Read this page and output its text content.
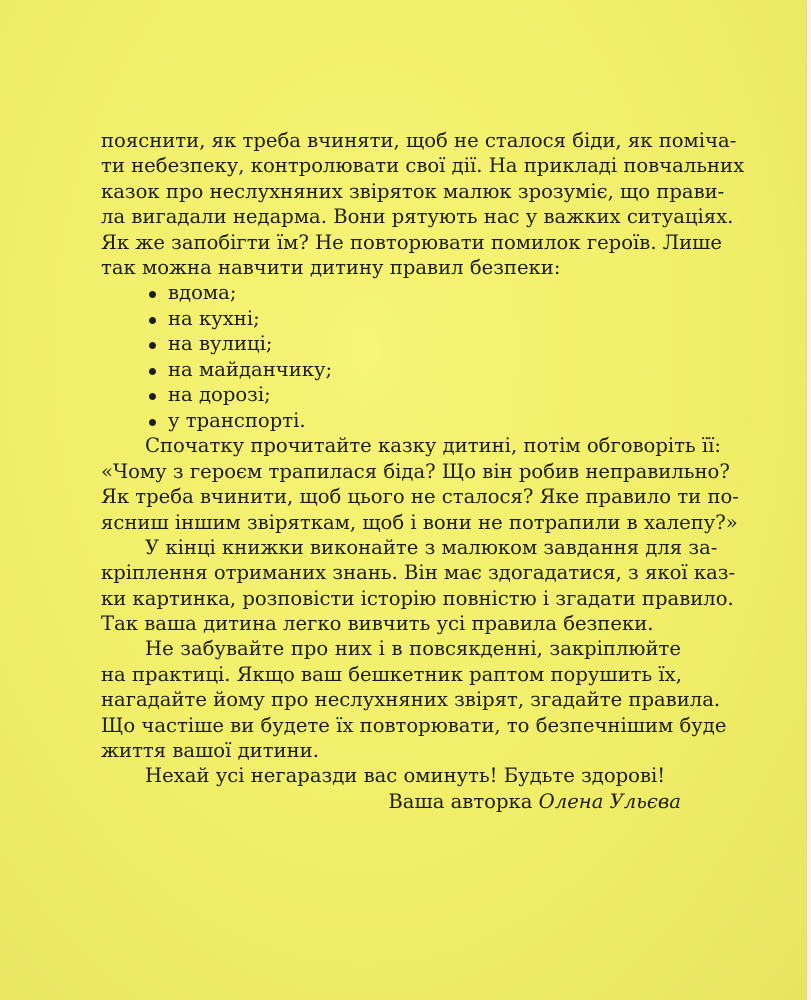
пояснити, як треба вчиняти, щоб не сталося біди, як поміча-
ти небезпеку, контролювати свої дії. На прикладі повчальних
казок про неслухняних звіряток малюк зрозуміє, що прави-
ла вигадали недарма. Вони рятують нас у важких ситуаціях.
Як же запобігти їм? Не повторювати помилок героїв. Лише
так можна навчити дитину правил безпеки:
вдома;
на кухні;
на вулиці;
на майданчику;
на дорозі;
у транспорті.
Спочатку прочитайте казку дитині, потім обговоріть її:
«Чому з героєм трапилася біда? Що він робив неправильно?
Як треба вчинити, щоб цього не сталося? Яке правило ти по-
ясниш іншим звіряткам, щоб і вони не потрапили в халепу?»
У кінці книжки виконайте з малюком завдання для за-
кріплення отриманих знань. Він має здогадатися, з якої каз-
ки картинка, розповісти історію повністю і згадати правило.
Так ваша дитина легко вивчить усі правила безпеки.
Не забувайте про них і в повсякденні, закріплюйте
на практиці. Якщо ваш бешкетник раптом порушить їх,
нагадайте йому про неслухняних звірят, згадайте правила.
Що частіше ви будете їх повторювати, то безпечнішим буде
життя вашої дитини.
Нехай усі негаразди вас оминуть! Будьте здорові!
Ваша авторка Олена Ульєва
